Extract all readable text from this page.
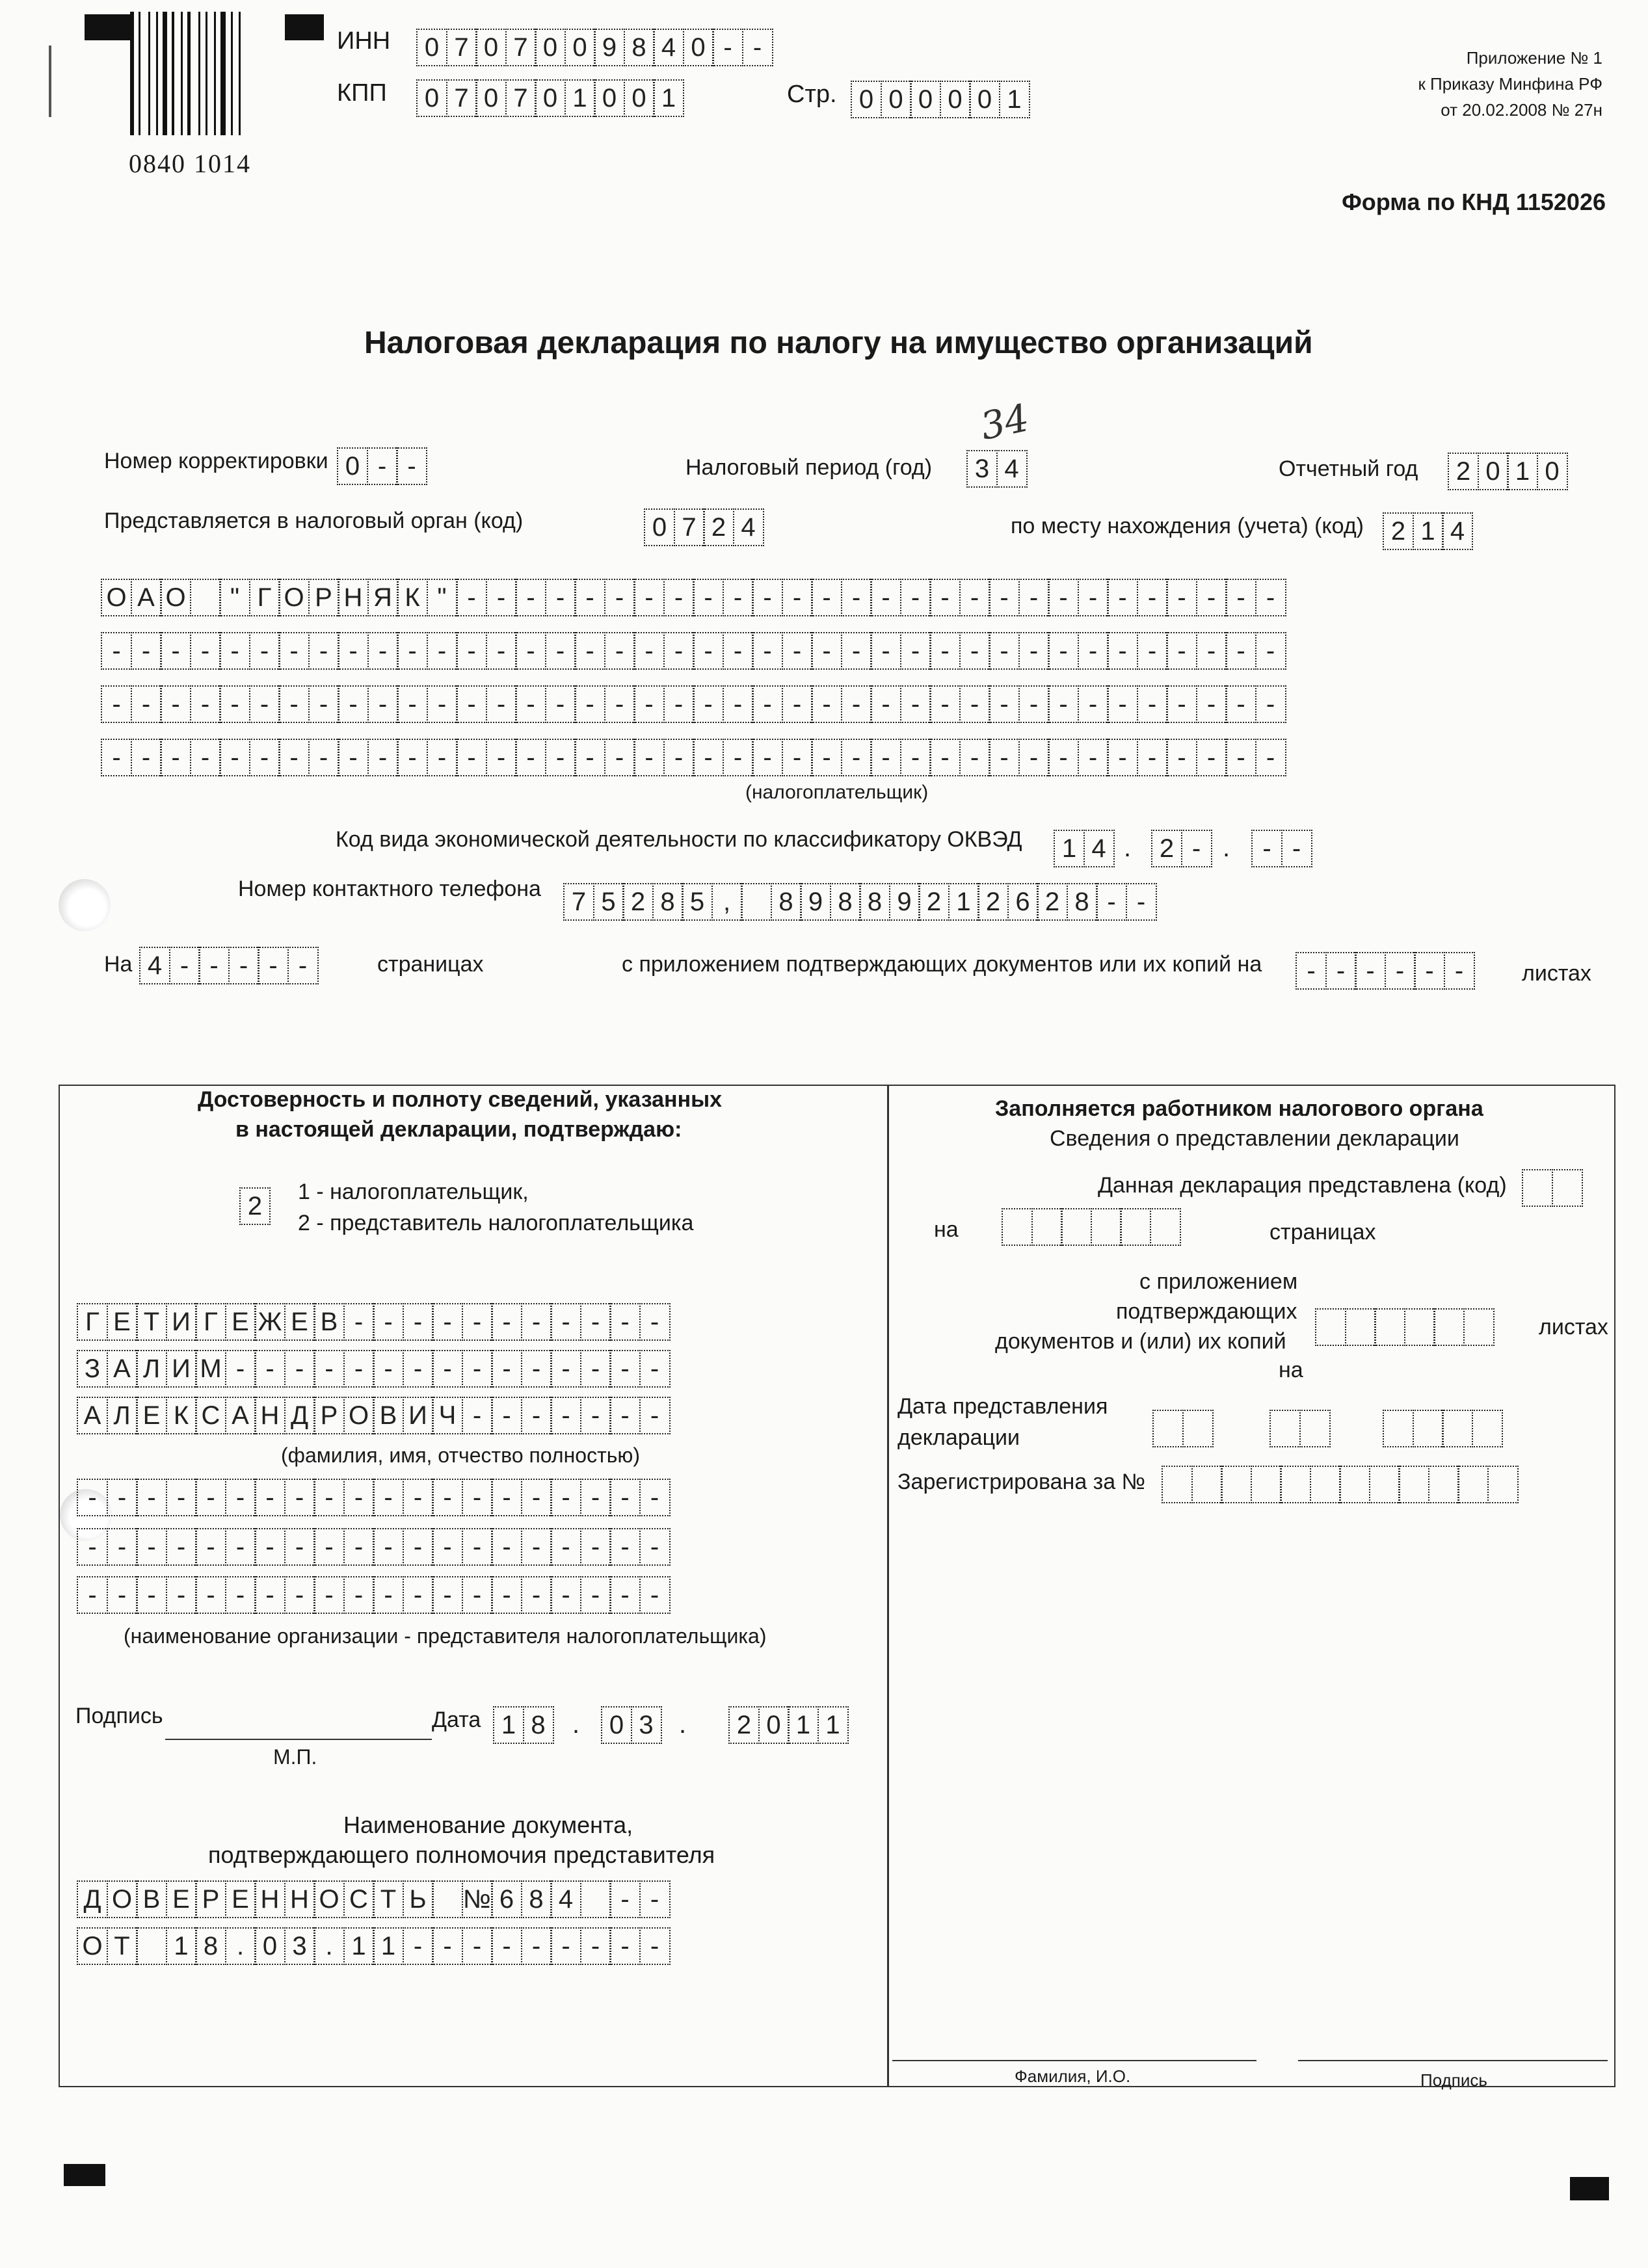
0840 1014
ИНН	0 7 0 7 0 0 9 8 4 0 - -
КПП	0 7 0 7 0 1 0 0 1	Стр. 0 0 0 0 0 1
Приложение № 1
к Приказу Минфина РФ
от 20.02.2008 № 27н
Форма по КНД 1152026
Налоговая декларация по налогу на имущество организаций
Номер корректировки 0 - -	Налоговый период (год)	3 4
34
Отчетный год	2 0 1 0
Представляется в налоговый орган (код)	0 7 2 4	по месту нахождения (учета) (код)	2 1 4
О А О	" Г О Р Н Я К " - - - - - - - - - - - - - - - - - - - - - - - - - - - -
- - - - - - - - - - - - - - - - - - - - - - - - - - - - - - - - - - - - - - - -
- - - - - - - - - - - - - - - - - - - - - - - - - - - - - - - - - - - - - - - -
- - - - - - - - - - - - - - - - - - - - - - - - - - - - - - - - - - - - - - - -
(налогоплательщик)
Код вида экономической деятельности по классификатору ОКВЭД	1 4 .	2 - .	- -
Номер контактного телефона	7 5 2 8 5 ,	8 9 8 8 9 2 1 2 6 2 8 - -
На 4 - - - - -	страницах	с приложением подтверждающих документов или их копий на	- - - - - -	листах
Достоверность и полноту сведений, указанных
в настоящей декларации, подтверждаю:
2	1 - налогоплательщик,
2 - представитель налогоплательщика
Г Е Т И Г Е Ж Е В - - - - - - - - - - -
З А Л И М - - - - - - - - - - - - - - -
А Л Е К С А Н Д Р О В И Ч - - - - - - -
(фамилия, имя, отчество полностью)
- - - - - - - - - - - - - - - - - - - -
- - - - - - - - - - - - - - - - - - - -
- - - - - - - - - - - - - - - - - - - -
(наименование организации - представителя налогоплательщика)
Подпись	Дата 1 8	.	0 3 .	2 0 1 1
М.П.
Наименование документа,
подтверждающего полномочия представителя
Д О В Е Р Е Н Н О С Т Ь № 6 8 4	- -
О Т	1 8 . 0 3 . 1 1 - - - - - - - - -
Заполняется работником налогового органа
Сведения о представлении декларации
Данная декларация представлена (код)
на	страницах
с приложением
подтверждающих
документов и (или) их копий
на
листах
Дата представления
декларации
Зарегистрирована за №
Фамилия, И.О.	Подпись
